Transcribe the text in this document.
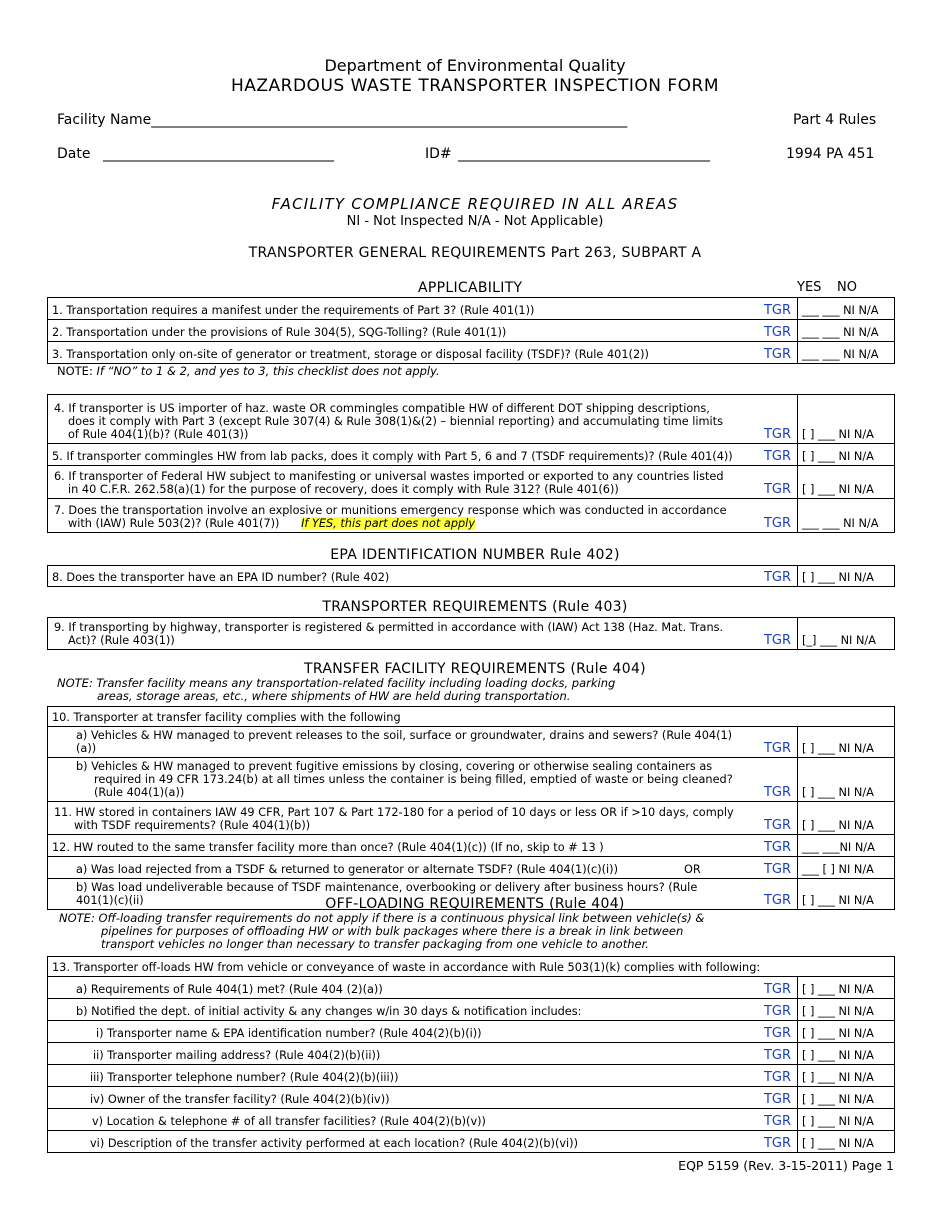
Department of Environmental Quality
HAZARDOUS WASTE TRANSPORTER INSPECTION FORM
Facility Name____________________________________________________________________	Part 4 Rules
Date _________________________________	ID# ____________________________________	1994 PA 451
FACILITY COMPLIANCE REQUIRED IN ALL AREAS
NI - Not Inspected N/A - Not Applicable)
TRANSPORTER GENERAL REQUIREMENTS Part 263, SUBPART A
APPLICABILITY	YES NO
1. Transportation requires a manifest under the requirements of Part 3? (Rule 401(1))	TGR	___ ___ NI N/A
2. Transportation under the provisions of Rule 304(5), SQG-Tolling? (Rule 401(1))	TGR	___ ___ NI N/A
3. Transportation only on-site of generator or treatment, storage or disposal facility (TSDF)? (Rule 401(2))	TGR	___ ___ NI N/A
NOTE: If “NO” to 1 & 2, and yes to 3, this checklist does not apply.
4. If transporter is US importer of haz. waste OR commingles compatible HW of different DOT shipping descriptions, does it comply with Part 3 (except Rule 307(4) & Rule 308(1)&(2) – biennial reporting) and accumulating time limits of Rule 404(1)(b)? (Rule 401(3))	TGR	[ ] ___ NI N/A
5. If transporter commingles HW from lab packs, does it comply with Part 5, 6 and 7 (TSDF requirements)? (Rule 401(4))	TGR	[ ] ___ NI N/A
6. If transporter of Federal HW subject to manifesting or universal wastes imported or exported to any countries listed in 40 C.F.R. 262.58(a)(1) for the purpose of recovery, does it comply with Rule 312? (Rule 401(6))	TGR	[ ] ___ NI N/A
7. Does the transportation involve an explosive or munitions emergency response which was conducted in accordance with (IAW) Rule 503(2)? (Rule 401(7)) If YES, this part does not apply	TGR	___ ___ NI N/A
EPA IDENTIFICATION NUMBER Rule 402)
8. Does the transporter have an EPA ID number? (Rule 402)	TGR	[ ] ___ NI N/A
TRANSPORTER REQUIREMENTS (Rule 403)
9. If transporting by highway, transporter is registered & permitted in accordance with (IAW) Act 138 (Haz. Mat. Trans. Act)? (Rule 403(1))	TGR	[_] ___ NI N/A
TRANSFER FACILITY REQUIREMENTS (Rule 404)
NOTE: Transfer facility means any transportation-related facility including loading docks, parking areas, storage areas, etc., where shipments of HW are held during transportation.
10. Transporter at transfer facility complies with the following		
a) Vehicles & HW managed to prevent releases to the soil, surface or groundwater, drains and sewers? (Rule 404(1)(a))	TGR	[ ] ___ NI N/A
b) Vehicles & HW managed to prevent fugitive emissions by closing, covering or otherwise sealing containers as required in 49 CFR 173.24(b) at all times unless the container is being filled, emptied of waste or being cleaned? (Rule 404(1)(a))	TGR	[ ] ___ NI N/A
11. HW stored in containers IAW 49 CFR, Part 107 & Part 172-180 for a period of 10 days or less OR if >10 days, comply with TSDF requirements? (Rule 404(1)(b))	TGR	[ ] ___ NI N/A
12. HW routed to the same transfer facility more than once? (Rule 404(1)(c)) (If no, skip to # 13 )	TGR	___ ___NI N/A
a) Was load rejected from a TSDF & returned to generator or alternate TSDF? (Rule 404(1)(c)(i)) OR	TGR	___ [ ] NI N/A
b) Was load undeliverable because of TSDF maintenance, overbooking or delivery after business hours? (Rule 401(1)(c)(ii)	TGR	[ ] ___ NI N/A
OFF-LOADING REQUIREMENTS (Rule 404)
NOTE: Off-loading transfer requirements do not apply if there is a continuous physical link between vehicle(s) & pipelines for purposes of offloading HW or with bulk packages where there is a break in link between transport vehicles no longer than necessary to transfer packaging from one vehicle to another.
13. Transporter off-loads HW from vehicle or conveyance of waste in accordance with Rule 503(1)(k) complies with following:		
a) Requirements of Rule 404(1) met? (Rule 404 (2)(a))	TGR	[ ] ___ NI N/A
b) Notified the dept. of initial activity & any changes w/in 30 days & notification includes:	TGR	[ ] ___ NI N/A
i) Transporter name & EPA identification number? (Rule 404(2)(b)(i))	TGR	[ ] ___ NI N/A
ii) Transporter mailing address? (Rule 404(2)(b)(ii))	TGR	[ ] ___ NI N/A
iii) Transporter telephone number? (Rule 404(2)(b)(iii))	TGR	[ ] ___ NI N/A
iv) Owner of the transfer facility? (Rule 404(2)(b)(iv))	TGR	[ ] ___ NI N/A
v) Location & telephone # of all transfer facilities? (Rule 404(2)(b)(v))	TGR	[ ] ___ NI N/A
vi) Description of the transfer activity performed at each location? (Rule 404(2)(b)(vi))	TGR	[ ] ___ NI N/A
EQP 5159 (Rev. 3-15-2011) Page 1
